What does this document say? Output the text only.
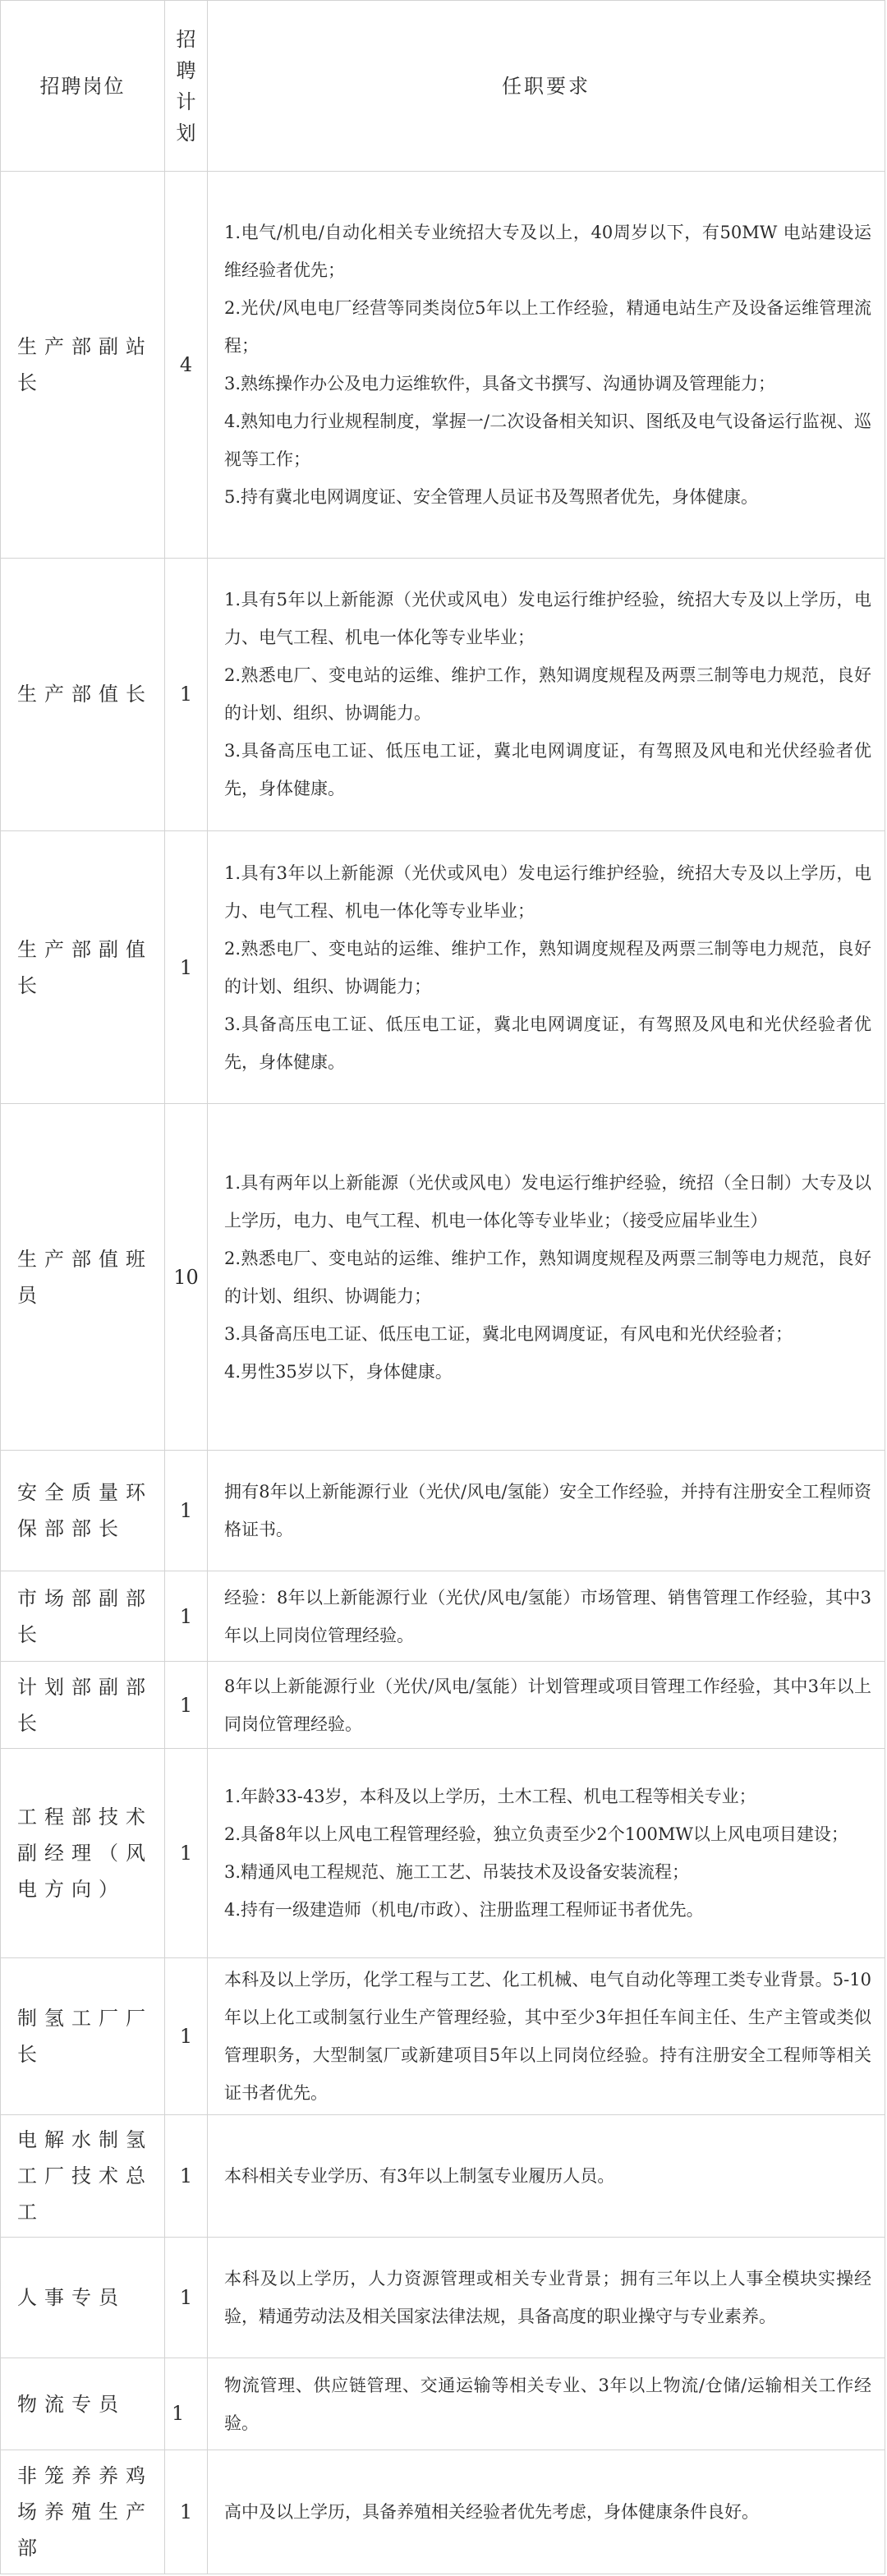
招聘岗位	招聘计划	任职要求
生产部副站长	4	1.电气/机电/自动化相关专业统招大专及以上，40周岁以下，有50MW 电站建设运维经验者优先；
2.光伏/风电电厂经营等同类岗位5年以上工作经验，精通电站生产及设备运维管理流程；
3.熟练操作办公及电力运维软件，具备文书撰写、沟通协调及管理能力；
4.熟知电力行业规程制度，掌握一/二次设备相关知识、图纸及电气设备运行监视、巡视等工作；
5.持有冀北电网调度证、安全管理人员证书及驾照者优先，身体健康。

生产部值长	1	1.具有5年以上新能源（光伏或风电）发电运行维护经验，统招大专及以上学历，电力、电气工程、机电一体化等专业毕业；
2.熟悉电厂、变电站的运维、维护工作，熟知调度规程及两票三制等电力规范，良好的计划、组织、协调能力。
3.具备高压电工证、低压电工证，冀北电网调度证，有驾照及风电和光伏经验者优先，身体健康。

生产部副值长	1	1.具有3年以上新能源（光伏或风电）发电运行维护经验，统招大专及以上学历，电力、电气工程、机电一体化等专业毕业；
2.熟悉电厂、变电站的运维、维护工作，熟知调度规程及两票三制等电力规范，良好的计划、组织、协调能力；
3.具备高压电工证、低压电工证，冀北电网调度证，有驾照及风电和光伏经验者优先，身体健康。

生产部值班员	10	1.具有两年以上新能源（光伏或风电）发电运行维护经验，统招（全日制）大专及以上学历，电力、电气工程、机电一体化等专业毕业；（接受应届毕业生）
2.熟悉电厂、变电站的运维、维护工作，熟知调度规程及两票三制等电力规范，良好的计划、组织、协调能力；
3.具备高压电工证、低压电工证，冀北电网调度证，有风电和光伏经验者；
4.男性35岁以下，身体健康。

安全质量环保部部长	1	拥有8年以上新能源行业（光伏/风电/氢能）安全工作经验，并持有注册安全工程师资格证书。

市场部副部长	1	经验：8年以上新能源行业（光伏/风电/氢能）市场管理、销售管理工作经验，其中3年以上同岗位管理经验。

计划部副部长	1	8年以上新能源行业（光伏/风电/氢能）计划管理或项目管理工作经验，其中3年以上同岗位管理经验。

工程部技术副经理（风电方向）	1	1.年龄33-43岁，本科及以上学历，土木工程、机电工程等相关专业；
2.具备8年以上风电工程管理经验，独立负责至少2个100MW以上风电项目建设；
3.精通风电工程规范、施工工艺、吊装技术及设备安装流程；
4.持有一级建造师（机电/市政）、注册监理工程师证书者优先。

制氢工厂厂长	1	本科及以上学历，化学工程与工艺、化工机械、电气自动化等理工类专业背景。5-10年以上化工或制氢行业生产管理经验，其中至少3年担任车间主任、生产主管或类似管理职务，大型制氢厂或新建项目5年以上同岗位经验。持有注册安全工程师等相关证书者优先。

电解水制氢工厂技术总工	1	本科相关专业学历、有3年以上制氢专业履历人员。

人事专员	1	本科及以上学历，人力资源管理或相关专业背景；拥有三年以上人事全模块实操经验，精通劳动法及相关国家法律法规，具备高度的职业操守与专业素养。

物流专员	1	物流管理、供应链管理、交通运输等相关专业、3年以上物流/仓储/运输相关工作经验。

非笼养养鸡场养殖生产部	1	高中及以上学历，具备养殖相关经验者优先考虑，身体健康条件良好。
